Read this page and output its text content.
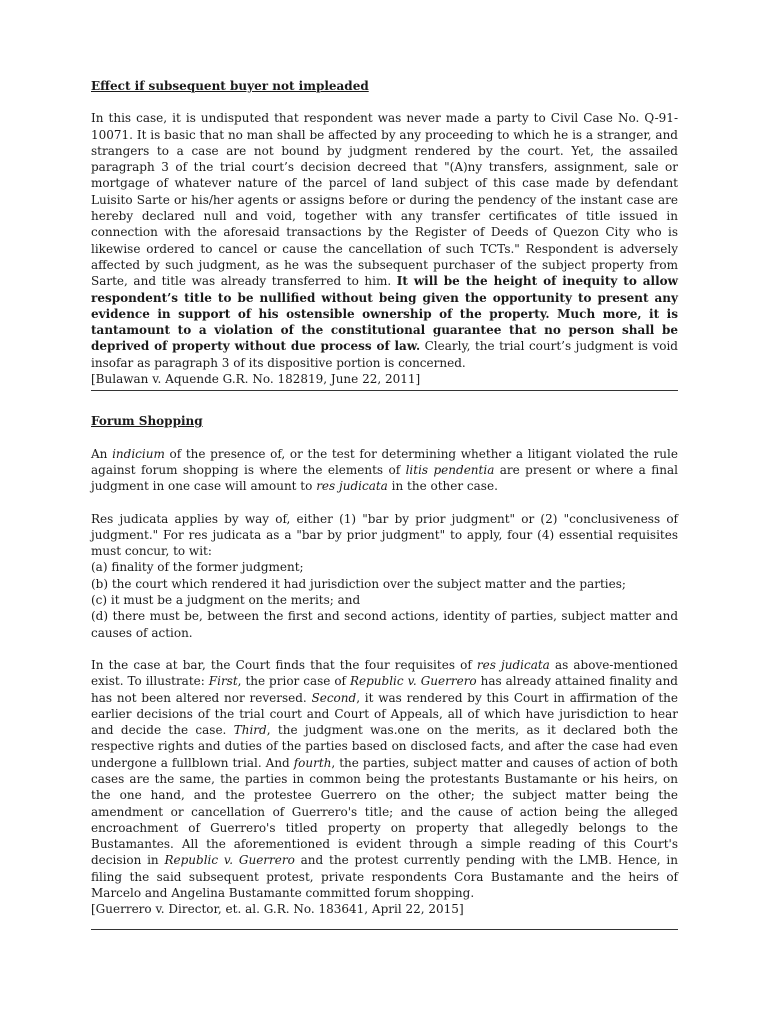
Effect if subsequent buyer not impleaded

In this case, it is undisputed that respondent was never made a party to Civil Case No. Q-91-10071. It is basic that no man shall be affected by any proceeding to which he is a stranger, and strangers to a case are not bound by judgment rendered by the court. Yet, the assailed paragraph 3 of the trial court’s decision decreed that "(A)ny transfers, assignment, sale or mortgage of whatever nature of the parcel of land subject of this case made by defendant Luisito Sarte or his/her agents or assigns before or during the pendency of the instant case are hereby declared null and void, together with any transfer certificates of title issued in connection with the aforesaid transactions by the Register of Deeds of Quezon City who is likewise ordered to cancel or cause the cancellation of such TCTs." Respondent is adversely affected by such judgment, as he was the subsequent purchaser of the subject property from Sarte, and title was already transferred to him. It will be the height of inequity to allow respondent’s title to be nullified without being given the opportunity to present any evidence in support of his ostensible ownership of the property. Much more, it is tantamount to a violation of the constitutional guarantee that no person shall be deprived of property without due process of law. Clearly, the trial court’s judgment is void insofar as paragraph 3 of its dispositive portion is concerned.

[Bulawan v. Aquende G.R. No. 182819, June 22, 2011]

Forum Shopping

An indicium of the presence of, or the test for determining whether a litigant violated the rule against forum shopping is where the elements of litis pendentia are present or where a final judgment in one case will amount to res judicata in the other case.

Res judicata applies by way of, either (1) "bar by prior judgment" or (2) "conclusiveness of judgment." For res judicata as a "bar by prior judgment" to apply, four (4) essential requisites must concur, to wit:

(a) finality of the former judgment;

(b) the court which rendered it had jurisdiction over the subject matter and the parties;

(c) it must be a judgment on the merits; and

(d) there must be, between the first and second actions, identity of parties, subject matter and causes of action.

In the case at bar, the Court finds that the four requisites of res judicata as above-mentioned exist. To illustrate: First, the prior case of Republic v. Guerrero has already attained finality and has not been altered nor reversed. Second, it was rendered by this Court in affirmation of the earlier decisions of the trial court and Court of Appeals, all of which have jurisdiction to hear and decide the case. Third, the judgment was.one on the merits, as it declared both the respective rights and duties of the parties based on disclosed facts, and after the case had even undergone a fullblown trial. And fourth, the parties, subject matter and causes of action of both cases are the same, the parties in common being the protestants Bustamante or his heirs, on the one hand, and the protestee Guerrero on the other; the subject matter being the amendment or cancellation of Guerrero's title; and the cause of action being the alleged encroachment of Guerrero's titled property on property that allegedly belongs to the Bustamantes. All the aforementioned is evident through a simple reading of this Court's decision in Republic v. Guerrero and the protest currently pending with the LMB. Hence, in filing the said subsequent protest, private respondents Cora Bustamante and the heirs of Marcelo and Angelina Bustamante committed forum shopping.

[Guerrero v. Director, et. al. G.R. No. 183641, April 22, 2015]
